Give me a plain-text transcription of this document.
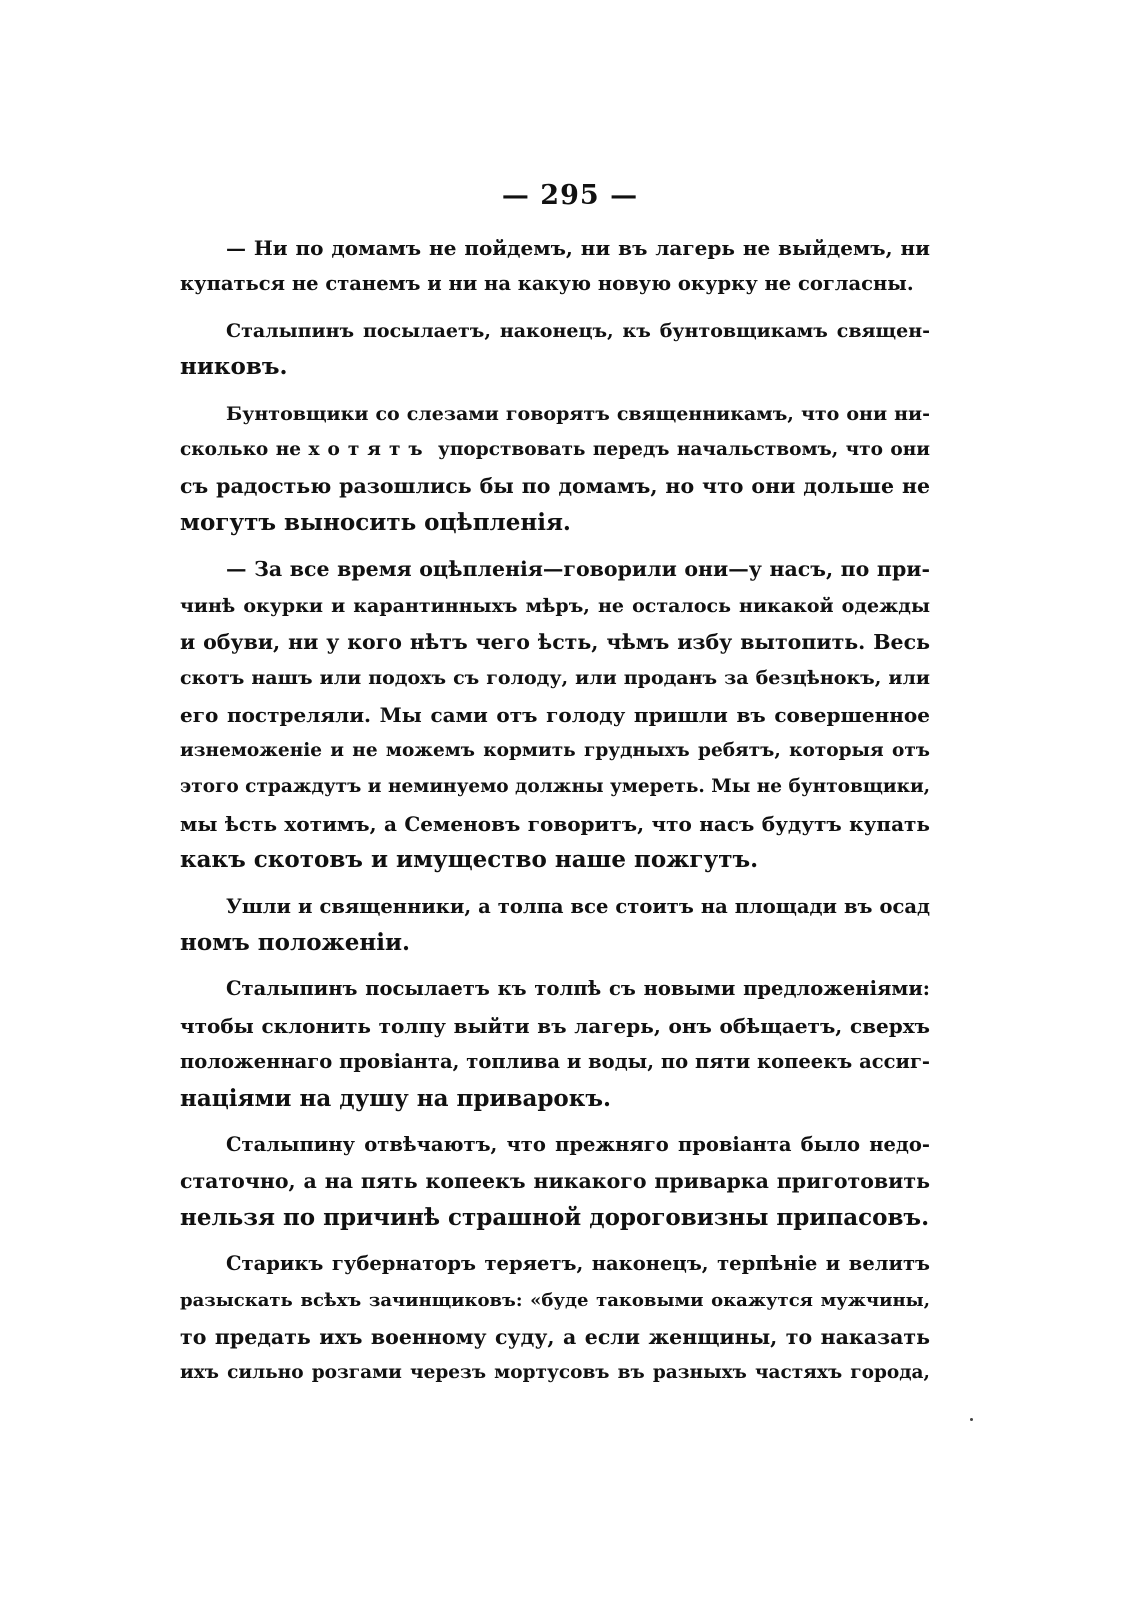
— 295 —
— Ни по домамъ не пойдемъ, ни въ лагерь не выйдемъ, ни
купаться не станемъ и ни на какую новую окурку не согласны.
Сталыпинъ посылаетъ, наконецъ, къ бунтовщикамъ священ-
никовъ.
Бунтовщики со слезами говорятъ священникамъ, что они ни-
сколько не хотятъ упорствовать передъ начальствомъ, что они
съ радостью разошлись бы по домамъ, но что они дольше не
могутъ выносить оцѣпленія.
— За все время оцѣпленія—говорили они—у насъ, по при-
чинѣ окурки и карантинныхъ мѣръ, не осталось никакой одежды
и обуви, ни у кого нѣтъ чего ѣсть, чѣмъ избу вытопить. Весь
скотъ нашъ или подохъ съ голоду, или проданъ за безцѣнокъ, или
его постреляли. Мы сами отъ голоду пришли въ совершенное
изнеможеніе и не можемъ кормить грудныхъ ребятъ, которыя отъ
этого страждутъ и неминуемо должны умереть. Мы не бунтовщики,
мы ѣсть хотимъ, а Семеновъ говоритъ, что насъ будутъ купать
какъ скотовъ и имущество наше пожгутъ.
Ушли и священники, а толпа все стоитъ на площади въ осад
номъ положеніи.
Сталыпинъ посылаетъ къ толпѣ съ новыми предложеніями:
чтобы склонить толпу выйти въ лагерь, онъ обѣщаетъ, сверхъ
положеннаго провіанта, топлива и воды, по пяти копеекъ ассиг-
націями на душу на приварокъ.
Сталыпину отвѣчаютъ, что прежняго провіанта было недо-
статочно, а на пять копеекъ никакого приварка приготовить
нельзя по причинѣ страшной дороговизны припасовъ.
Старикъ губернаторъ теряетъ, наконецъ, терпѣніе и велитъ
разыскать всѣхъ зачинщиковъ: «буде таковыми окажутся мужчины,
то предать ихъ военному суду, а если женщины, то наказать
ихъ сильно розгами черезъ мортусовъ въ разныхъ частяхъ города,
